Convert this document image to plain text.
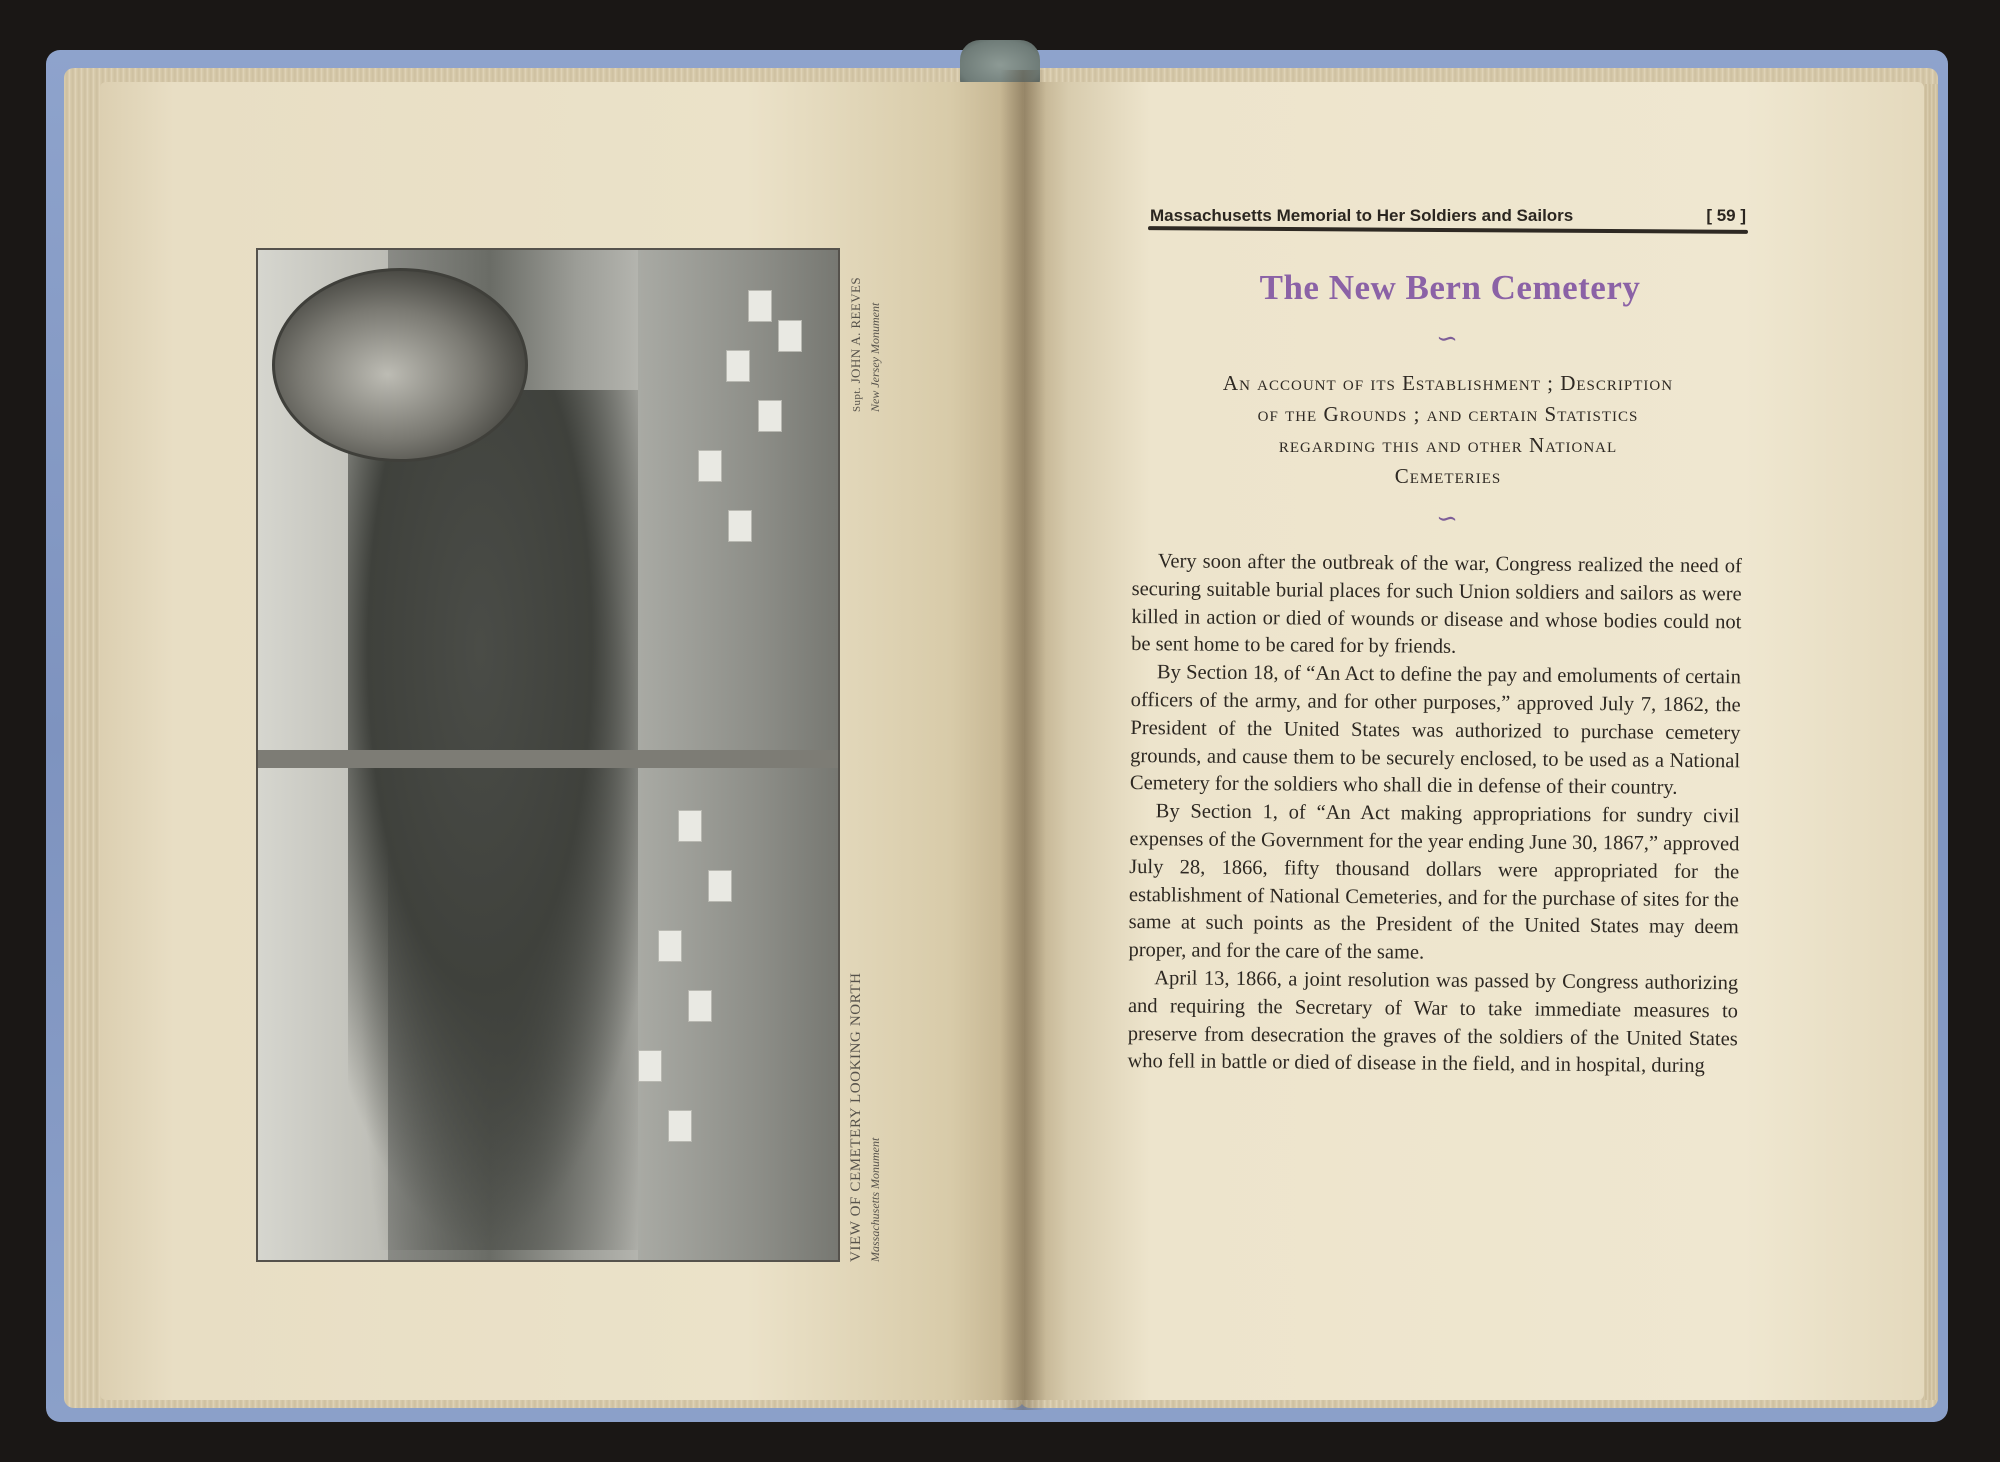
VIEW OF CEMETERY LOOKING NORTH Massachusetts Monument
Supt. JOHN A. REEVES New Jersey Monument
Massachusetts Memorial to Her Soldiers and Sailors	[ 59 ]
The New Bern Cemetery
∽
An account of its Establishment ; Description
of the Grounds ; and certain Statistics
regarding this and other National
Cemeteries
∽

Very soon after the outbreak of the war, Congress realized the need of securing suitable burial places for such Union soldiers and sailors as were killed in action or died of wounds or disease and whose bodies could not be sent home to be cared for by friends.

By Section 18, of “An Act to define the pay and emoluments of certain officers of the army, and for other purposes,” approved July 7, 1862, the President of the United States was authorized to purchase cemetery grounds, and cause them to be securely enclosed, to be used as a National Cemetery for the soldiers who shall die in defense of their country.

By Section 1, of “An Act making appropriations for sundry civil expenses of the Government for the year ending June 30, 1867,” approved July 28, 1866, fifty thousand dollars were appropriated for the establishment of National Cemeteries, and for the purchase of sites for the same at such points as the President of the United States may deem proper, and for the care of the same.

April 13, 1866, a joint resolution was passed by Congress authorizing and requiring the Secretary of War to take immediate measures to preserve from desecration the graves of the soldiers of the United States who fell in battle or died of disease in the field, and in hospital, during
